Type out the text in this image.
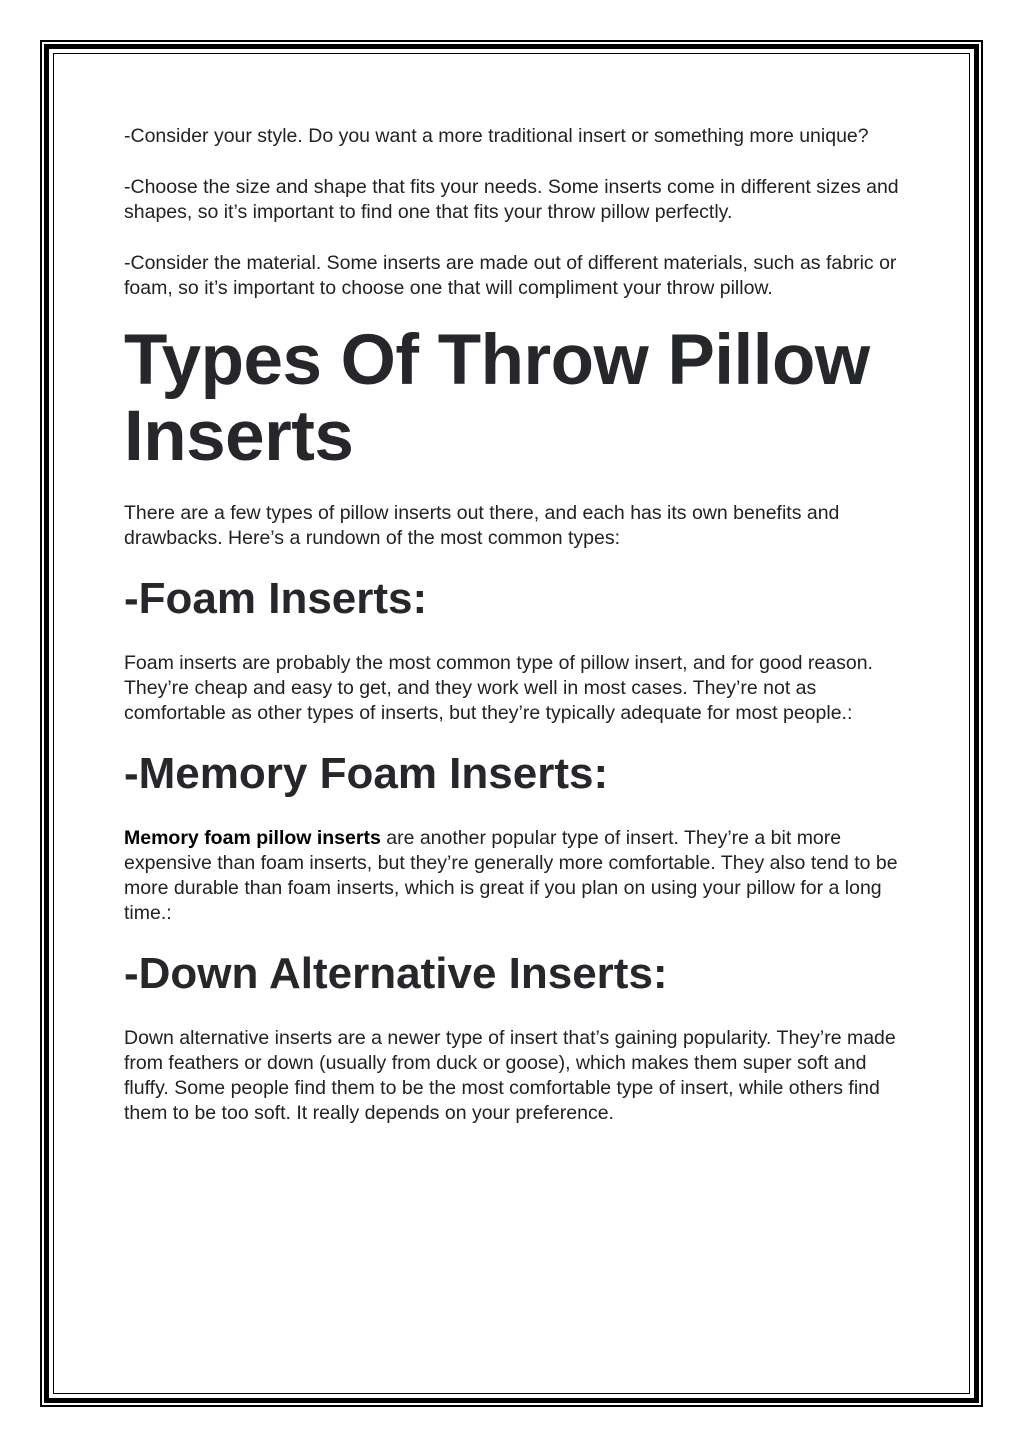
-Consider your style. Do you want a more traditional insert or something more unique?

-Choose the size and shape that fits your needs. Some inserts come in different sizes and shapes, so it’s important to find one that fits your throw pillow perfectly.

-Consider the material. Some inserts are made out of different materials, such as fabric or foam, so it’s important to choose one that will compliment your throw pillow.

Types Of Throw Pillow Inserts

There are a few types of pillow inserts out there, and each has its own benefits and drawbacks. Here’s a rundown of the most common types:

-Foam Inserts:

Foam inserts are probably the most common type of pillow insert, and for good reason. They’re cheap and easy to get, and they work well in most cases. They’re not as comfortable as other types of inserts, but they’re typically adequate for most people.:

-Memory Foam Inserts:

Memory foam pillow inserts are another popular type of insert. They’re a bit more expensive than foam inserts, but they’re generally more comfortable. They also tend to be more durable than foam inserts, which is great if you plan on using your pillow for a long time.:

-Down Alternative Inserts:

Down alternative inserts are a newer type of insert that’s gaining popularity. They’re made from feathers or down (usually from duck or goose), which makes them super soft and fluffy. Some people find them to be the most comfortable type of insert, while others find them to be too soft. It really depends on your preference.
